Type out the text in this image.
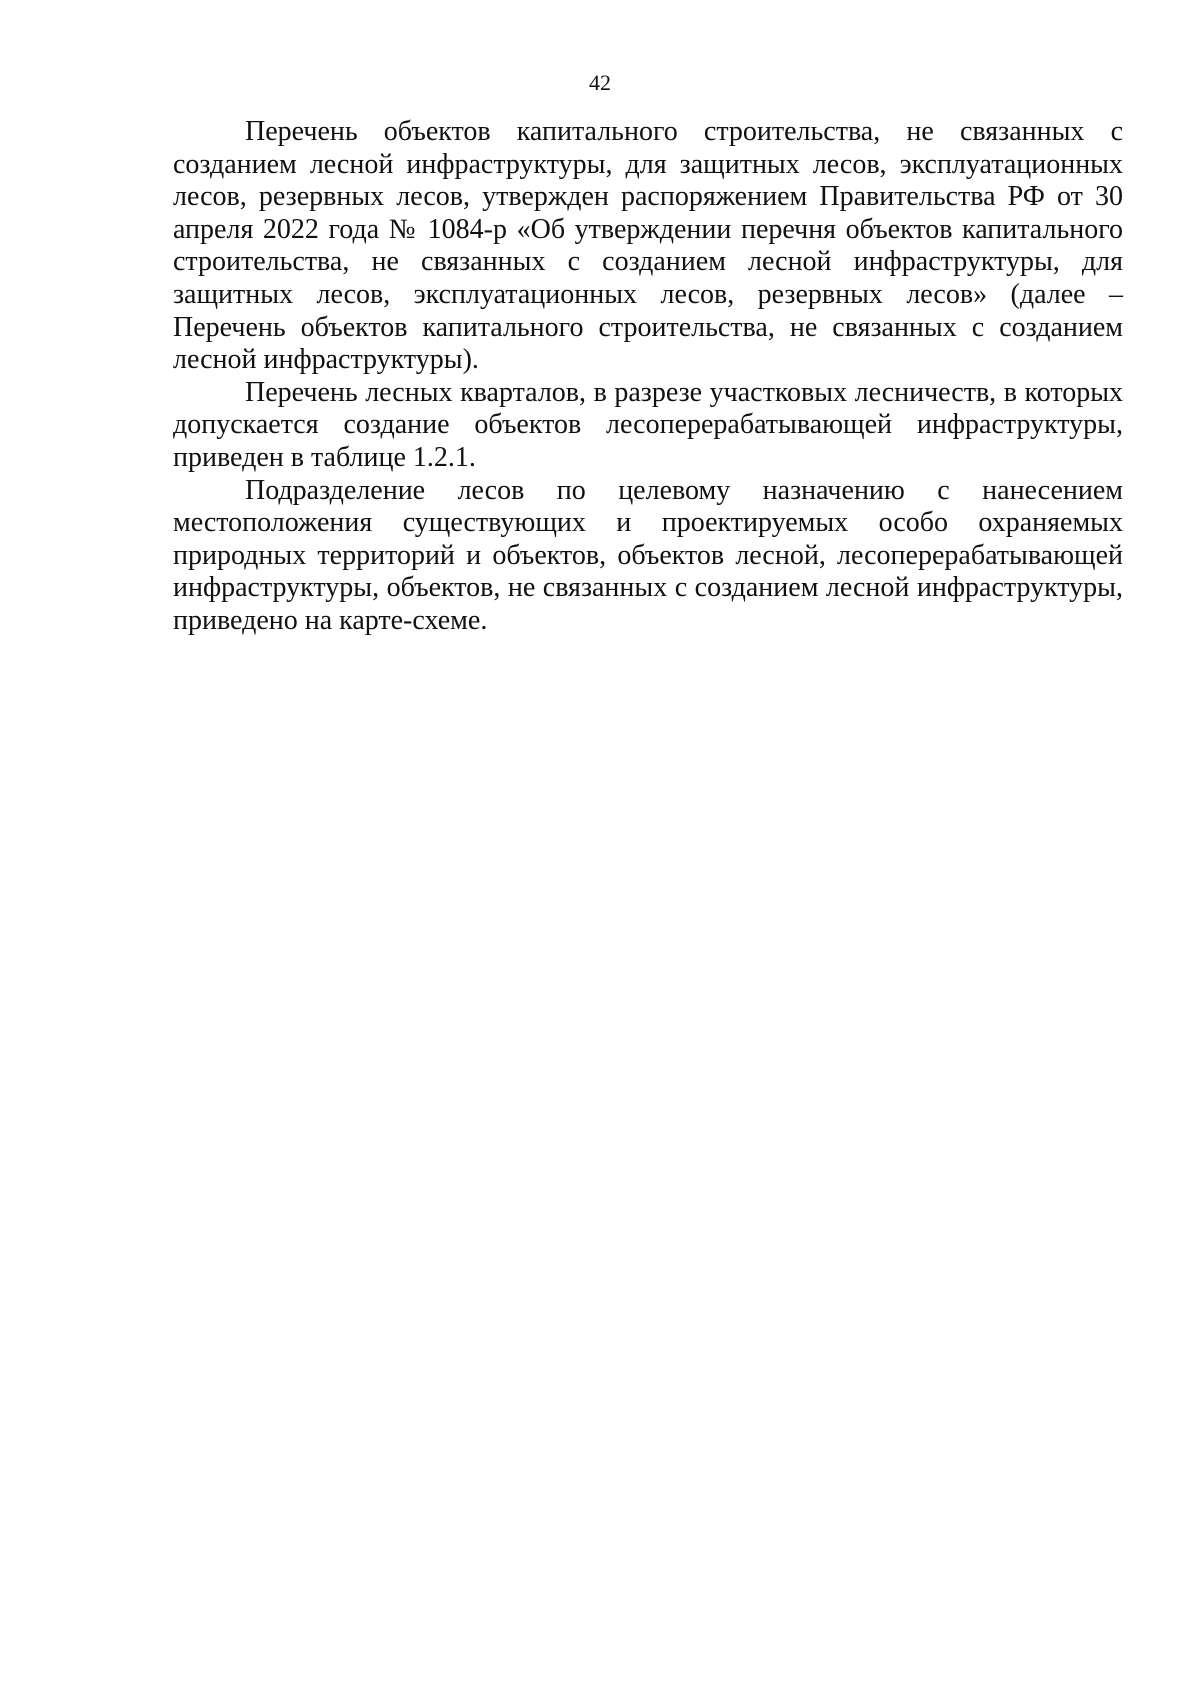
42

Перечень объектов капитального строительства, не связанных с созданием лесной инфраструктуры, для защитных лесов, эксплуатационных лесов, резервных лесов, утвержден распоряжением Правительства РФ от 30 апреля 2022 года № 1084-р «Об утверждении перечня объектов капитального строительства, не связанных с созданием лесной инфраструктуры, для защитных лесов, эксплуатационных лесов, резервных лесов» (далее – Перечень объектов капитального строительства, не связанных с созданием лесной инфраструктуры).

Перечень лесных кварталов, в разрезе участковых лесничеств, в которых допускается создание объектов лесоперерабатывающей инфраструктуры, приведен в таблице 1.2.1.

Подразделение лесов по целевому назначению с нанесением местоположения существующих и проектируемых особо охраняемых природных территорий и объектов, объектов лесной, лесоперерабатывающей инфраструктуры, объектов, не связанных с созданием лесной инфраструктуры, приведено на карте-схеме.
